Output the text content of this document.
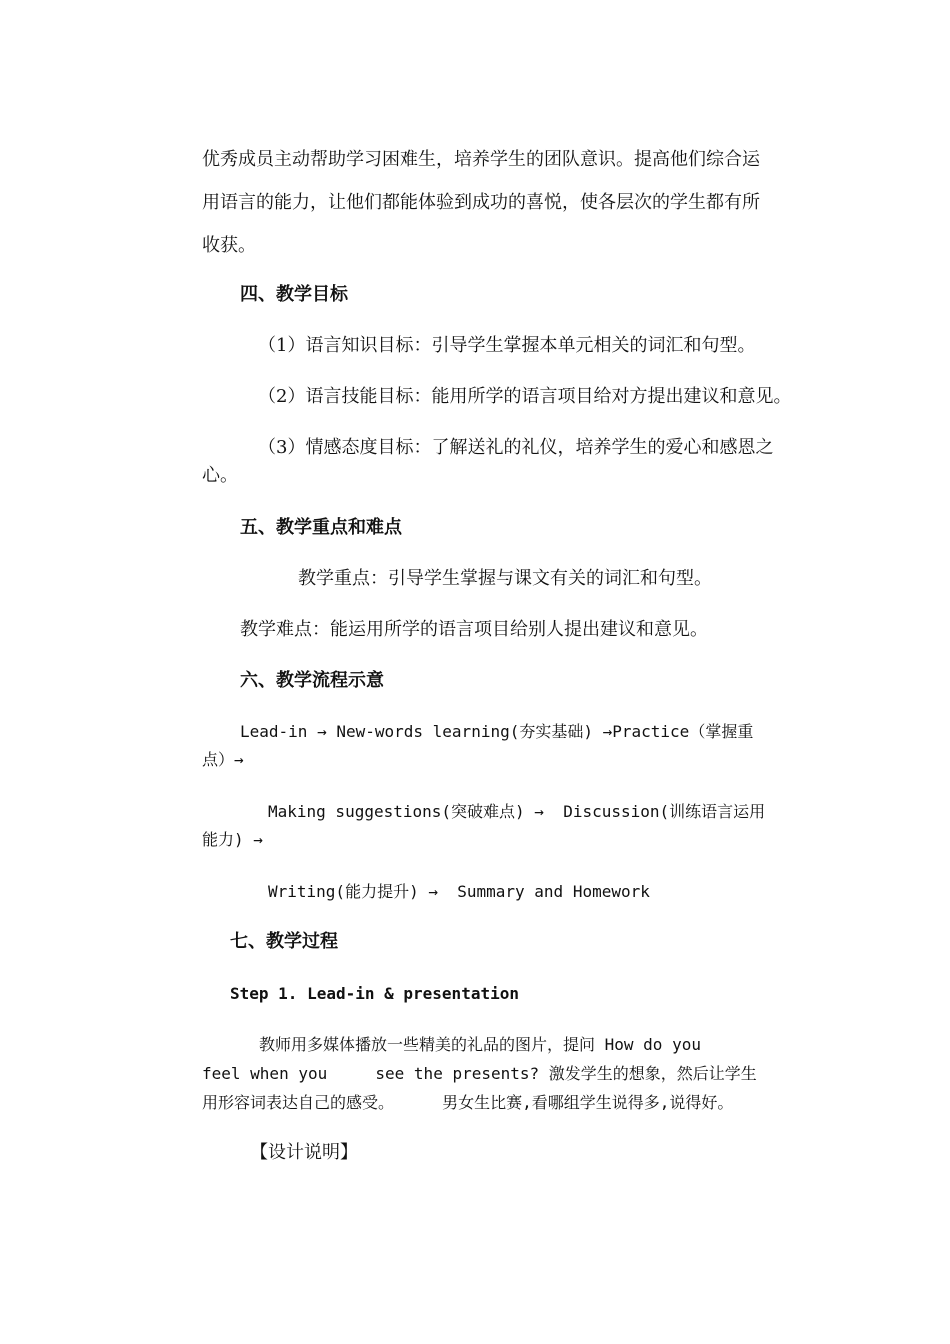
优秀成员主动帮助学习困难生，培养学生的团队意识。提高他们综合运
用语言的能力，让他们都能体验到成功的喜悦，使各层次的学生都有所
收获。
四、教学目标
（1）语言知识目标：引导学生掌握本单元相关的词汇和句型。
（2）语言技能目标：能用所学的语言项目给对方提出建议和意见。
（3）情感态度目标：了解送礼的礼仪，培养学生的爱心和感恩之
心。
五、教学重点和难点
教学重点：引导学生掌握与课文有关的词汇和句型。
教学难点：能运用所学的语言项目给别人提出建议和意见。
六、教学流程示意
Lead-in → New-words learning(夯实基础) →Practice（掌握重
点）→
Making suggestions(突破难点) →  Discussion(训练语言运用
能力) →
Writing(能力提升) →  Summary and Homework
七、教学过程
Step 1. Lead-in & presentation
教师用多媒体播放一些精美的礼品的图片，提问 How do you
feel when you     see the presents? 激发学生的想象，然后让学生
用形容词表达自己的感受。     男女生比赛,看哪组学生说得多,说得好。
【设计说明】
